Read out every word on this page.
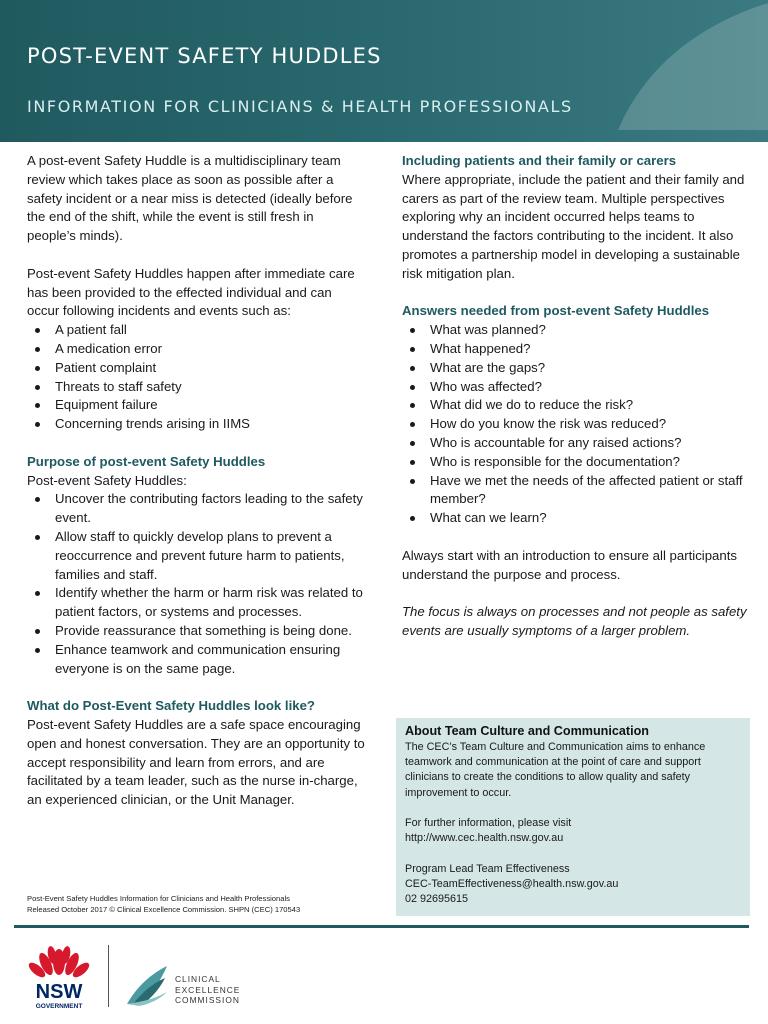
POST-EVENT SAFETY HUDDLES
INFORMATION FOR CLINICIANS & HEALTH PROFESSIONALS

A post-event Safety Huddle is a multidisciplinary team review which takes place as soon as possible after a safety incident or a near miss is detected (ideally before the end of the shift, while the event is still fresh in people’s minds).

Post-event Safety Huddles happen after immediate care has been provided to the effected individual and can occur following incidents and events such as:

A patient fall
A medication error
Patient complaint
Threats to staff safety
Equipment failure
Concerning trends arising in IIMS

Purpose of post-event Safety Huddles

Post-event Safety Huddles:

Uncover the contributing factors leading to the safety event.
Allow staff to quickly develop plans to prevent a reoccurrence and prevent future harm to patients, families and staff.
Identify whether the harm or harm risk was related to patient factors, or systems and processes.
Provide reassurance that something is being done.
Enhance teamwork and communication ensuring everyone is on the same page.

What do Post-Event Safety Huddles look like?

Post-event Safety Huddles are a safe space encouraging open and honest conversation. They are an opportunity to accept responsibility and learn from errors, and are facilitated by a team leader, such as the nurse in-charge, an experienced clinician, or the Unit Manager.

Including patients and their family or carers

Where appropriate, include the patient and their family and carers as part of the review team. Multiple perspectives exploring why an incident occurred helps teams to understand the factors contributing to the incident. It also promotes a partnership model in developing a sustainable risk mitigation plan.

Answers needed from post-event Safety Huddles

What was planned?
What happened?
What are the gaps?
Who was affected?
What did we do to reduce the risk?
How do you know the risk was reduced?
Who is accountable for any raised actions?
Who is responsible for the documentation?
Have we met the needs of the affected patient or staff member?
What can we learn?

Always start with an introduction to ensure all participants understand the purpose and process.

The focus is always on processes and not people as safety events are usually symptoms of a larger problem.

About Team Culture and Communication

The CEC’s Team Culture and Communication aims to enhance teamwork and communication at the point of care and support clinicians to create the conditions to allow quality and safety improvement to occur.

For further information, please visit

http://www.cec.health.nsw.gov.au

Program Lead Team Effectiveness

CEC-TeamEffectiveness@health.nsw.gov.au

02 92695615

Post-Event Safety Huddles Information for Clinicians and Health Professionals

Released October 2017 © Clinical Excellence Commission. SHPN (CEC) 170543

NSW
GOVERNMENT
CLINICAL
EXCELLENCE
COMMISSION
